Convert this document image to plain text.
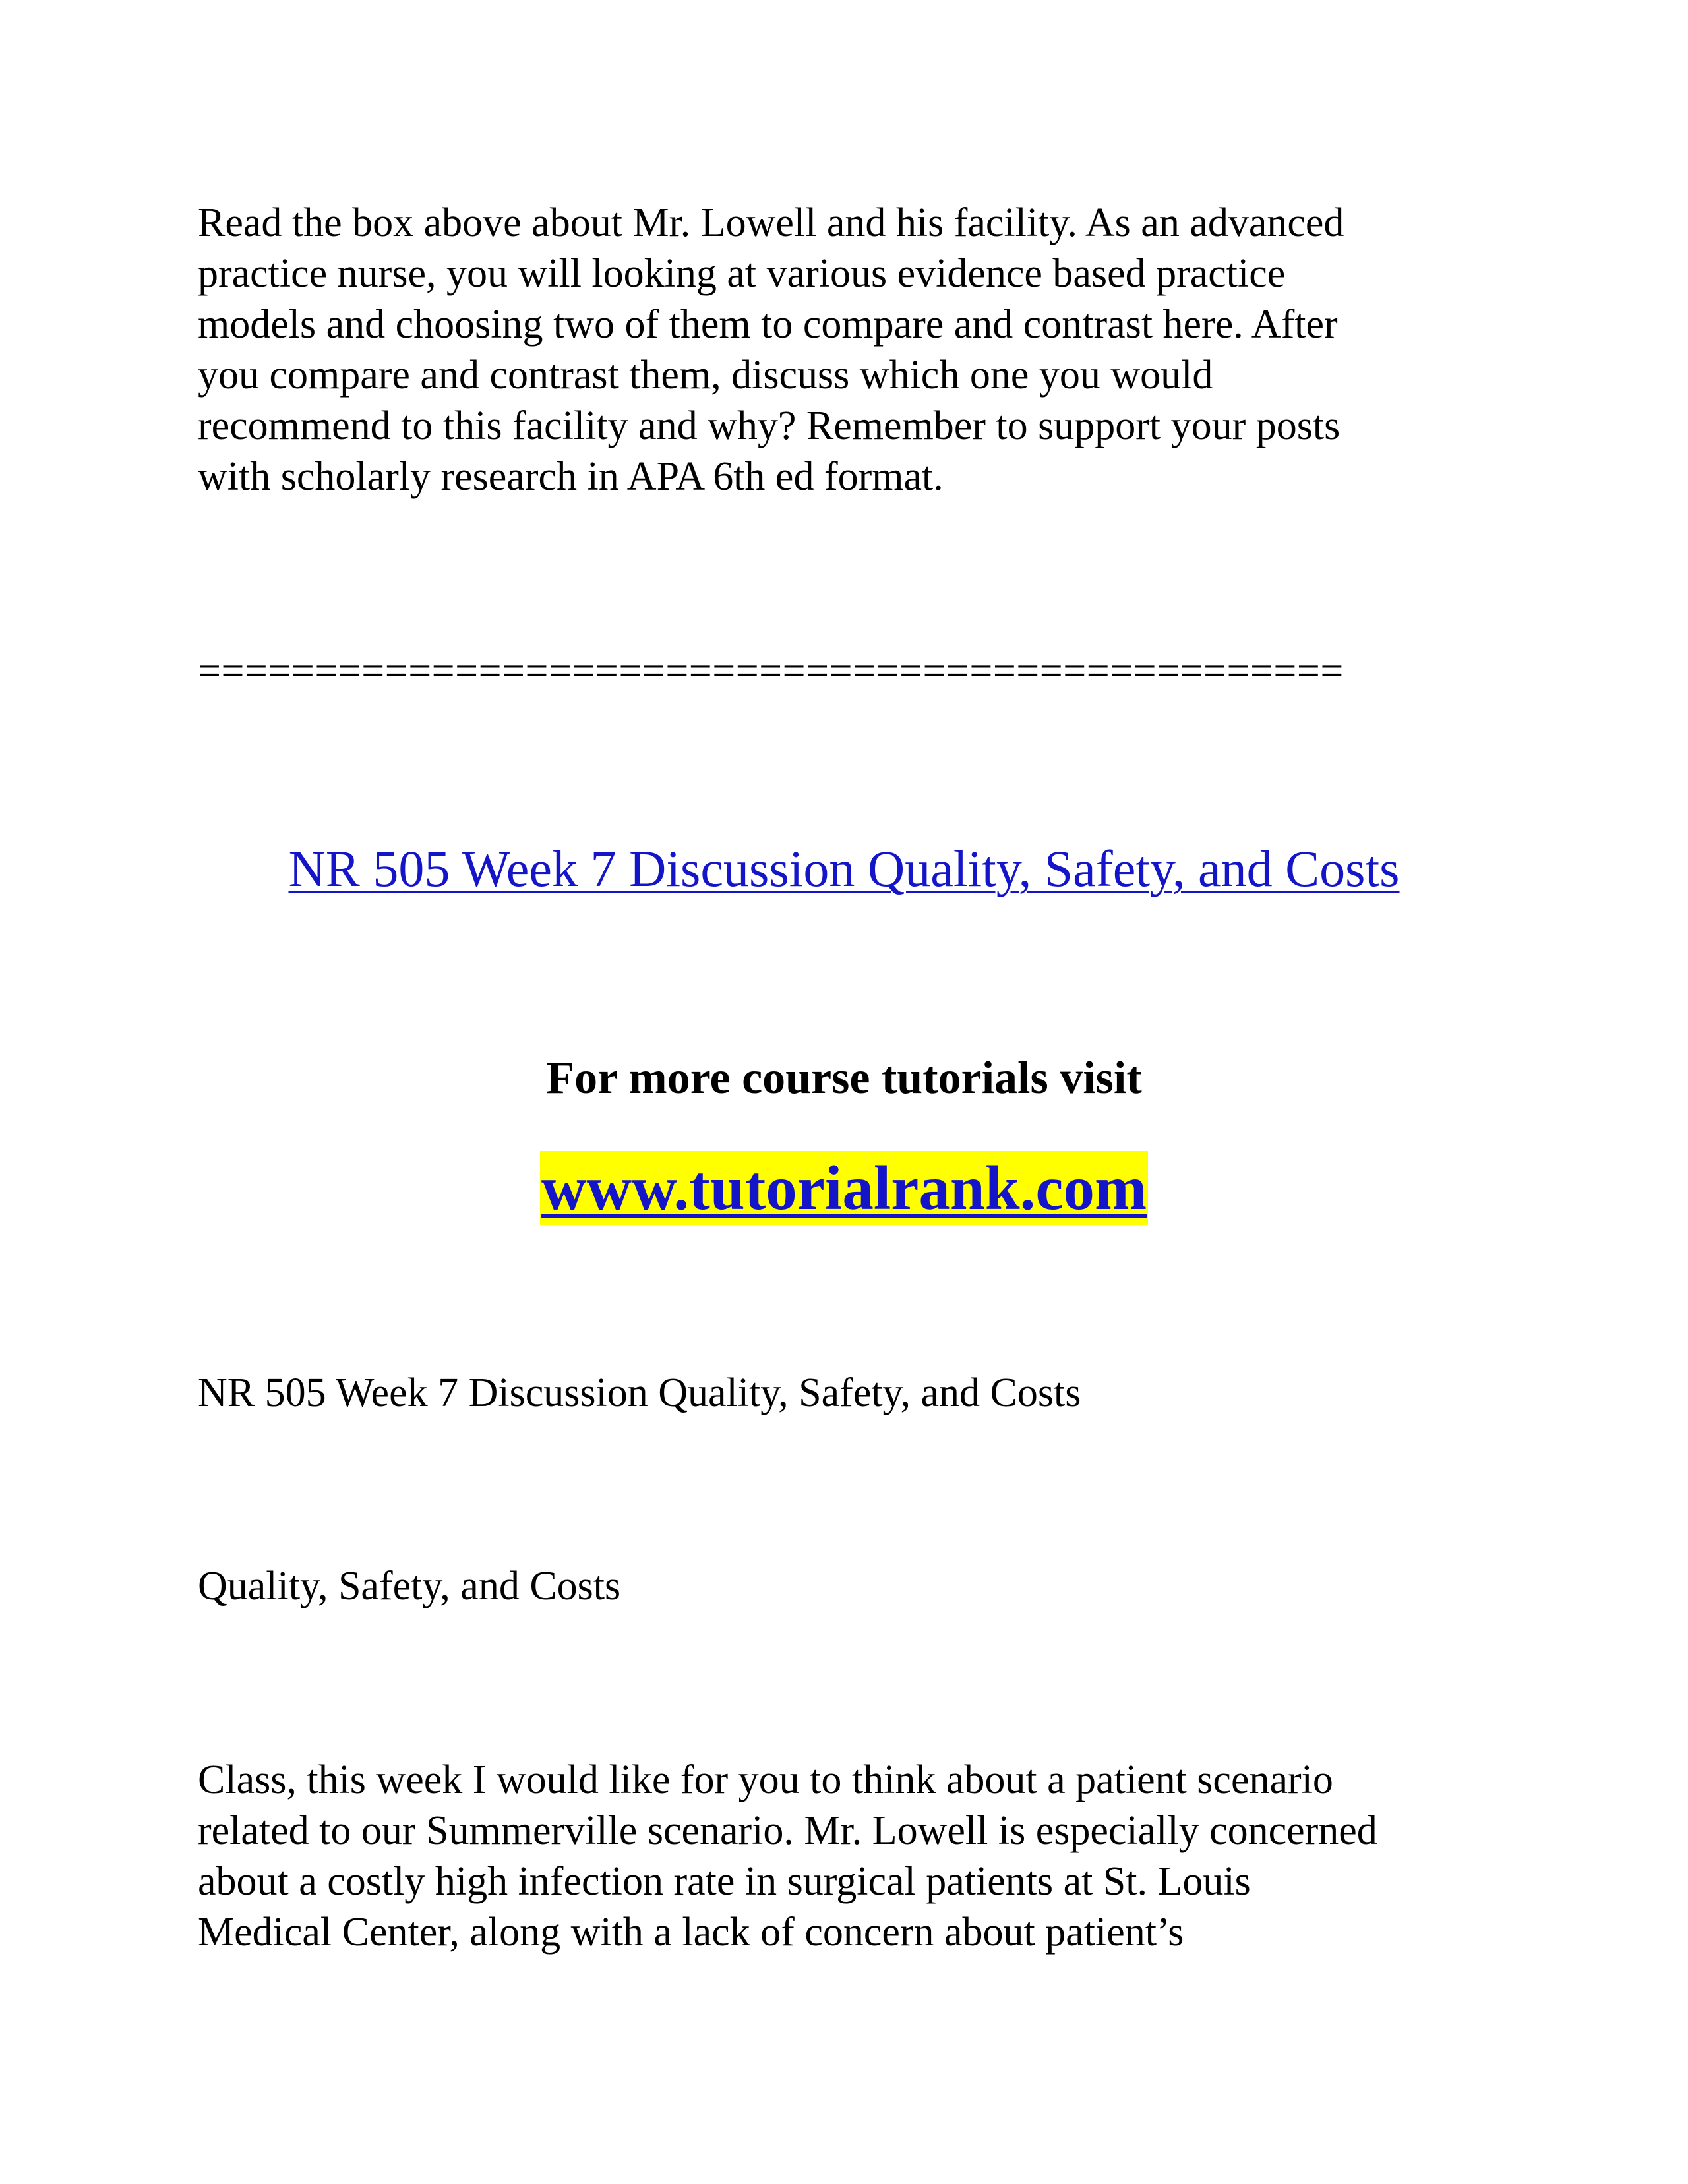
Read the box above about Mr. Lowell and his facility. As an advanced
practice nurse, you will looking at various evidence based practice
models and choosing two of them to compare and contrast here. After
you compare and contrast them, discuss which one you would
recommend to this facility and why? Remember to support your posts
with scholarly research in APA 6th ed format.

=================================================

NR 505 Week 7 Discussion Quality, Safety, and Costs

For more course tutorials visit

www.tutorialrank.com

NR 505 Week 7 Discussion Quality, Safety, and Costs

Quality, Safety, and Costs

Class, this week I would like for you to think about a patient scenario
related to our Summerville scenario. Mr. Lowell is especially concerned
about a costly high infection rate in surgical patients at St. Louis
Medical Center, along with a lack of concern about patient’s
